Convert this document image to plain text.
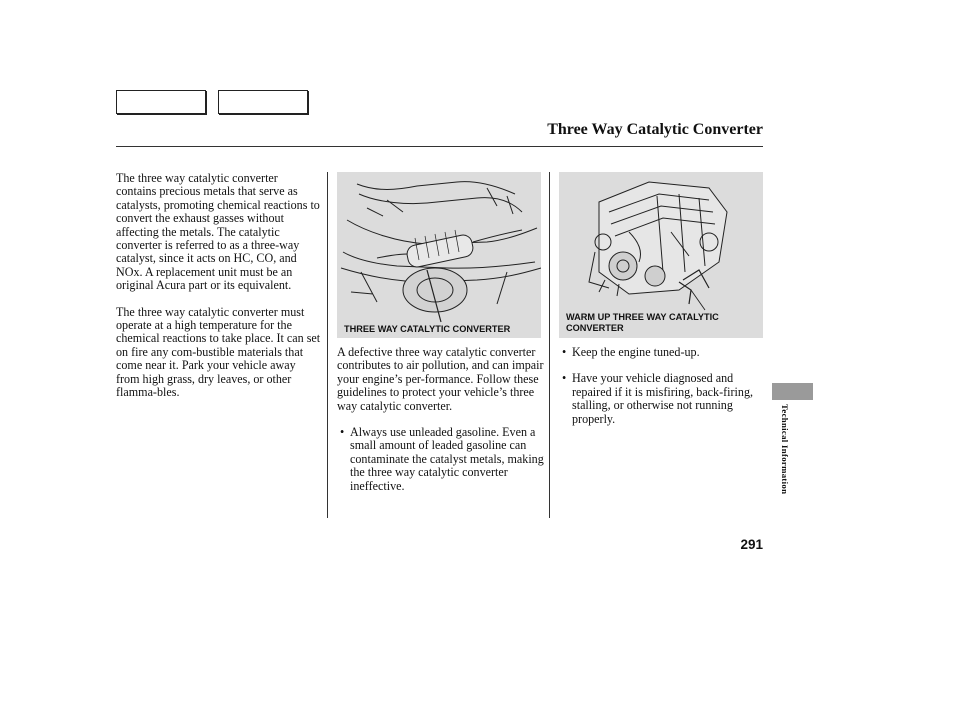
Three Way Catalytic Converter

The three way catalytic converter contains precious metals that serve as catalysts, promoting chemical reactions to convert the exhaust gasses without affecting the metals. The catalytic converter is referred to as a three-way catalyst, since it acts on HC, CO, and NOx. A replacement unit must be an original Acura part or its equivalent.

The three way catalytic converter must operate at a high temperature for the chemical reactions to take place. It can set on fire any com-bustible materials that come near it. Park your vehicle away from high grass, dry leaves, or other flamma-bles.

THREE WAY CATALYTIC CONVERTER
WARM UP THREE WAY CATALYTIC CONVERTER

A defective three way catalytic converter contributes to air pollution, and can impair your engine’s per-formance. Follow these guidelines to protect your vehicle’s three way catalytic converter.

• Always use unleaded gasoline. Even a small amount of leaded gasoline can contaminate the catalyst metals, making the three way catalytic converter ineffective.

• Keep the engine tuned-up.

• Have your vehicle diagnosed and repaired if it is misfiring, back-firing, stalling, or otherwise not running properly.	Technical Information
291
